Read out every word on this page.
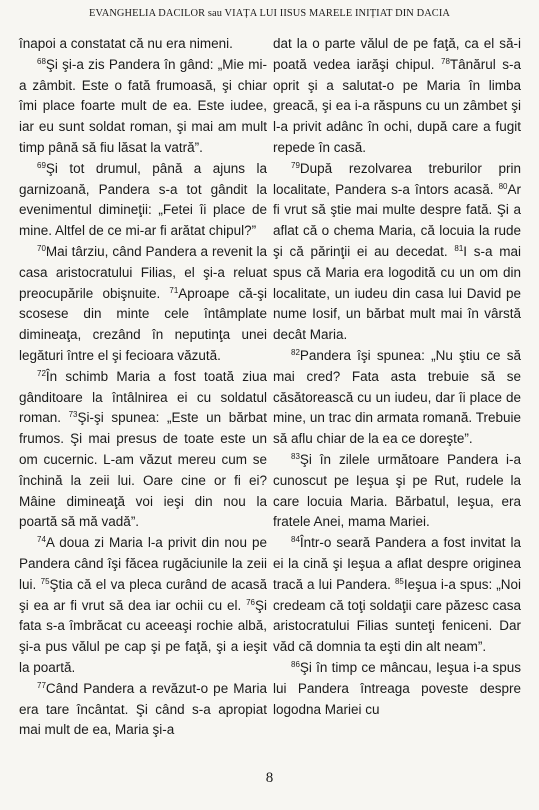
EVANGHELIA DACILOR sau VIAȚA LUI IISUS MARELE INIȚIAT DIN DACIA

înapoi a constatat că nu era nimeni.

$^{68}$Şi şi-a zis Pandera în gând: „Mie mi-a zâmbit. Este o fată frumoasă, şi chiar îmi place foarte mult de ea. Este iudee, iar eu sunt soldat roman, şi mai am mult timp până să fiu lăsat la vatră”.

$^{69}$Şi tot drumul, până a ajuns la garnizoană, Pandera s-a tot gândit la evenimentul dimineţii: „Fetei îi place de mine. Altfel de ce mi-ar fi arătat chipul?”

$^{70}$Mai târziu, când Pandera a revenit la casa aristocratului Filias, el şi-a reluat preocupările obişnuite. $^{71}$Aproape că-şi scosese din minte cele întâmplate dimineaţa, crezând în neputinţa unei legături între el şi fecioara văzută.

$^{72}$În schimb Maria a fost toată ziua gânditoare la întâlnirea ei cu soldatul roman. $^{73}$Şi-şi spunea: „Este un bărbat frumos. Şi mai presus de toate este un om cucernic. L-am văzut mereu cum se închină la zeii lui. Oare cine or fi ei? Mâine dimineaţă voi ieşi din nou la poartă să mă vadă”.

$^{74}$A doua zi Maria l-a privit din nou pe Pandera când îşi făcea rugăciunile la zeii lui. $^{75}$Ştia că el va pleca curând de acasă şi ea ar fi vrut să dea iar ochii cu el. $^{76}$Şi fata s-a îmbrăcat cu aceeaşi rochie albă, şi-a pus vălul pe cap şi pe faţă, şi a ieşit la poartă.

$^{77}$Când Pandera a revăzut-o pe Maria era tare încântat. Şi când s-a apropiat mai mult de ea, Maria şi-a

dat la o parte vălul de pe faţă, ca el să-i poată vedea iarăşi chipul. $^{78}$Tânărul s-a oprit şi a salutat-o pe Maria în limba greacă, şi ea i-a răspuns cu un zâmbet şi l-a privit adânc în ochi, după care a fugit repede în casă.

$^{79}$După rezolvarea treburilor prin localitate, Pandera s-a întors acasă. $^{80}$Ar fi vrut să ştie mai multe despre fată. Şi a aflat că o chema Maria, că locuia la rude şi că părinţii ei au decedat. $^{81}$I s-a mai spus că Maria era logodită cu un om din localitate, un iudeu din casa lui David pe nume Iosif, un bărbat mult mai în vârstă decât Maria.

$^{82}$Pandera îşi spunea: „Nu ştiu ce să mai cred? Fata asta trebuie să se căsătorească cu un iudeu, dar îi place de mine, un trac din armata romană. Trebuie să aflu chiar de la ea ce doreşte”.

$^{83}$Şi în zilele următoare Pandera i-a cunoscut pe Ieşua şi pe Rut, rudele la care locuia Maria. Bărbatul, Ieşua, era fratele Anei, mama Mariei.

$^{84}$Într-o seară Pandera a fost invitat la ei la cină şi Ieşua a aflat despre originea tracă a lui Pandera. $^{85}$Ieşua i-a spus: „Noi credeam că toţi soldaţii care păzesc casa aristocratului Filias sunteţi feniceni. Dar văd că domnia ta eşti din alt neam”.

$^{86}$Şi în timp ce mâncau, Ieşua i-a spus lui Pandera întreaga poveste despre logodna Mariei cu

8
